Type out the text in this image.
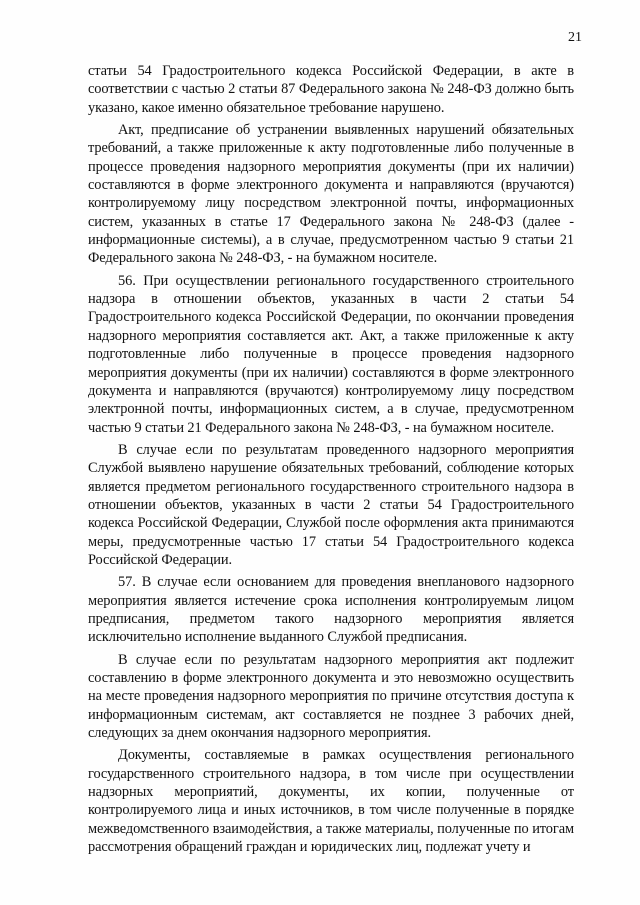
21

статьи 54 Градостроительного кодекса Российской Федерации, в акте в соответствии с частью 2 статьи 87 Федерального закона № 248-ФЗ должно быть указано, какое именно обязательное требование нарушено.

Акт, предписание об устранении выявленных нарушений обязательных требований, а также приложенные к акту подготовленные либо полученные в процессе проведения надзорного мероприятия документы (при их наличии) составляются в форме электронного документа и направляются (вручаются) контролируемому лицу посредством электронной почты, информационных систем, указанных в статье 17 Федерального закона № 248-ФЗ (далее - информационные системы), а в случае, предусмотренном частью 9 статьи 21 Федерального закона № 248-ФЗ, - на бумажном носителе.

56. При осуществлении регионального государственного строительного надзора в отношении объектов, указанных в части 2 статьи 54 Градостроительного кодекса Российской Федерации, по окончании проведения надзорного мероприятия составляется акт. Акт, а также приложенные к акту подготовленные либо полученные в процессе проведения надзорного мероприятия документы (при их наличии) составляются в форме электронного документа и направляются (вручаются) контролируемому лицу посредством электронной почты, информационных систем, а в случае, предусмотренном частью 9 статьи 21 Федерального закона № 248-ФЗ, - на бумажном носителе.

В случае если по результатам проведенного надзорного мероприятия Службой выявлено нарушение обязательных требований, соблюдение которых является предметом регионального государственного строительного надзора в отношении объектов, указанных в части 2 статьи 54 Градостроительного кодекса Российской Федерации, Службой после оформления акта принимаются меры, предусмотренные частью 17 статьи 54 Градостроительного кодекса Российской Федерации.

57. В случае если основанием для проведения внепланового надзорного мероприятия является истечение срока исполнения контролируемым лицом предписания, предметом такого надзорного мероприятия является исключительно исполнение выданного Службой предписания.

В случае если по результатам надзорного мероприятия акт подлежит составлению в форме электронного документа и это невозможно осуществить на месте проведения надзорного мероприятия по причине отсутствия доступа к информационным системам, акт составляется не позднее 3 рабочих дней, следующих за днем окончания надзорного мероприятия.

Документы, составляемые в рамках осуществления регионального государственного строительного надзора, в том числе при осуществлении надзорных мероприятий, документы, их копии, полученные от контролируемого лица и иных источников, в том числе полученные в порядке межведомственного взаимодействия, а также материалы, полученные по итогам рассмотрения обращений граждан и юридических лиц, подлежат учету и
